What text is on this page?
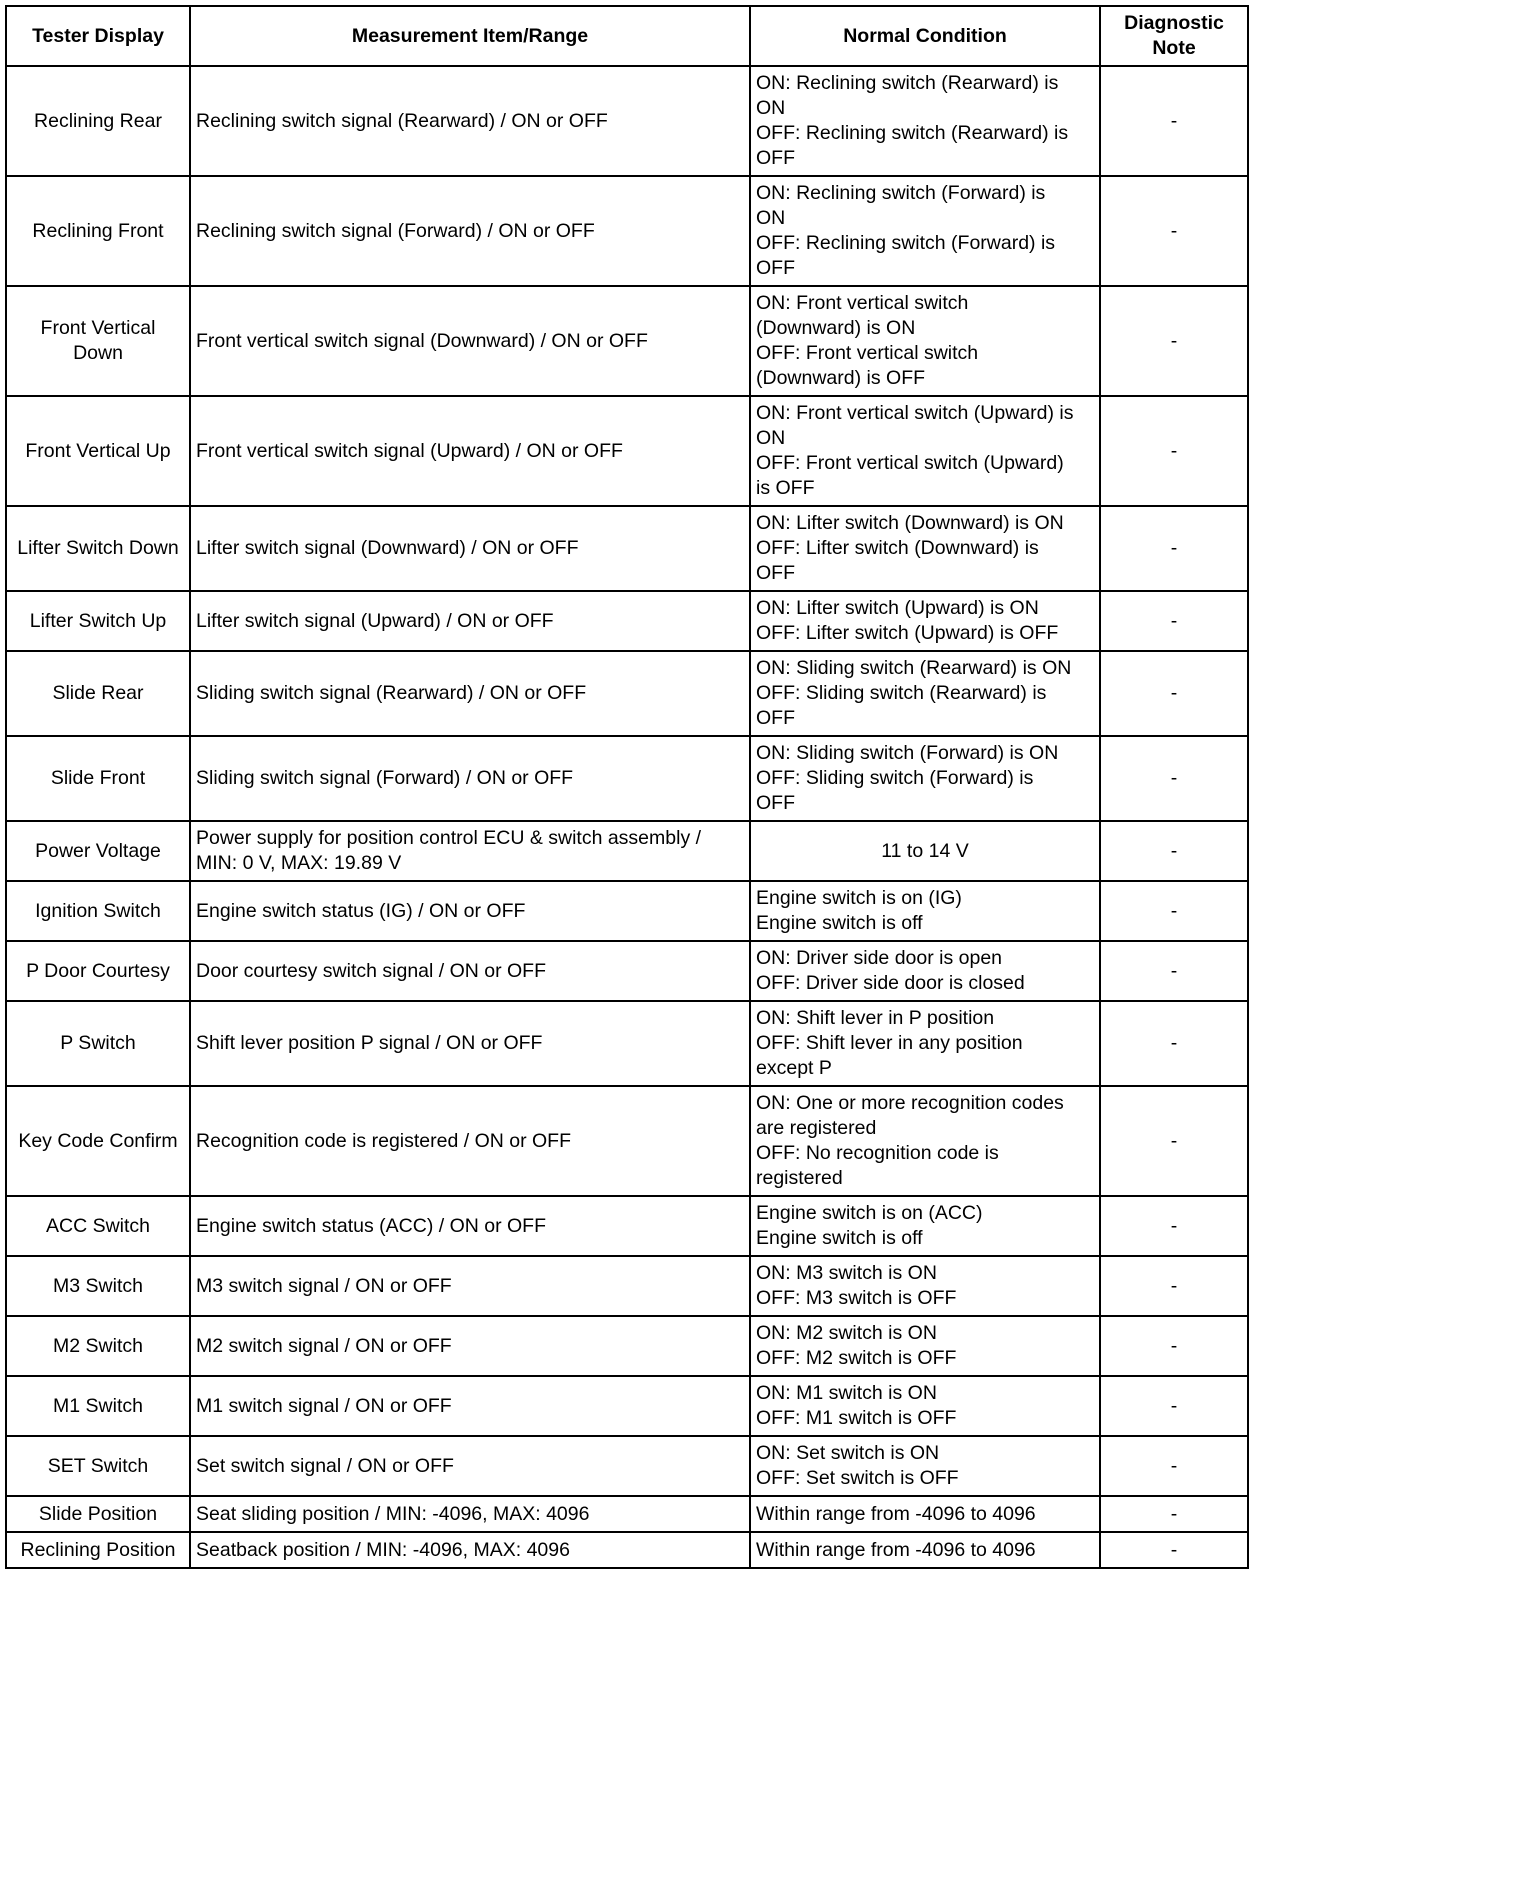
Tester Display	Measurement Item/Range	Normal Condition	Diagnostic
Note
Reclining Rear	Reclining switch signal (Rearward) / ON or OFF	ON: Reclining switch (Rearward) is
ON
OFF: Reclining switch (Rearward) is
OFF	-
Reclining Front	Reclining switch signal (Forward) / ON or OFF	ON: Reclining switch (Forward) is
ON
OFF: Reclining switch (Forward) is
OFF	-
Front Vertical
Down	Front vertical switch signal (Downward) / ON or OFF	ON: Front vertical switch
(Downward) is ON
OFF: Front vertical switch
(Downward) is OFF	-
Front Vertical Up	Front vertical switch signal (Upward) / ON or OFF	ON: Front vertical switch (Upward) is
ON
OFF: Front vertical switch (Upward)
is OFF	-
Lifter Switch Down	Lifter switch signal (Downward) / ON or OFF	ON: Lifter switch (Downward) is ON
OFF: Lifter switch (Downward) is
OFF	-
Lifter Switch Up	Lifter switch signal (Upward) / ON or OFF	ON: Lifter switch (Upward) is ON
OFF: Lifter switch (Upward) is OFF	-
Slide Rear	Sliding switch signal (Rearward) / ON or OFF	ON: Sliding switch (Rearward) is ON
OFF: Sliding switch (Rearward) is
OFF	-
Slide Front	Sliding switch signal (Forward) / ON or OFF	ON: Sliding switch (Forward) is ON
OFF: Sliding switch (Forward) is
OFF	-
Power Voltage	Power supply for position control ECU & switch assembly /
MIN: 0 V, MAX: 19.89 V	11 to 14 V	-
Ignition Switch	Engine switch status (IG) / ON or OFF	Engine switch is on (IG)
Engine switch is off	-
P Door Courtesy	Door courtesy switch signal / ON or OFF	ON: Driver side door is open
OFF: Driver side door is closed	-
P Switch	Shift lever position P signal / ON or OFF	ON: Shift lever in P position
OFF: Shift lever in any position
except P	-
Key Code Confirm	Recognition code is registered / ON or OFF	ON: One or more recognition codes
are registered
OFF: No recognition code is
registered	-
ACC Switch	Engine switch status (ACC) / ON or OFF	Engine switch is on (ACC)
Engine switch is off	-
M3 Switch	M3 switch signal / ON or OFF	ON: M3 switch is ON
OFF: M3 switch is OFF	-
M2 Switch	M2 switch signal / ON or OFF	ON: M2 switch is ON
OFF: M2 switch is OFF	-
M1 Switch	M1 switch signal / ON or OFF	ON: M1 switch is ON
OFF: M1 switch is OFF	-
SET Switch	Set switch signal / ON or OFF	ON: Set switch is ON
OFF: Set switch is OFF	-
Slide Position	Seat sliding position / MIN: -4096, MAX: 4096	Within range from -4096 to 4096	-
Reclining Position	Seatback position / MIN: -4096, MAX: 4096	Within range from -4096 to 4096	-
